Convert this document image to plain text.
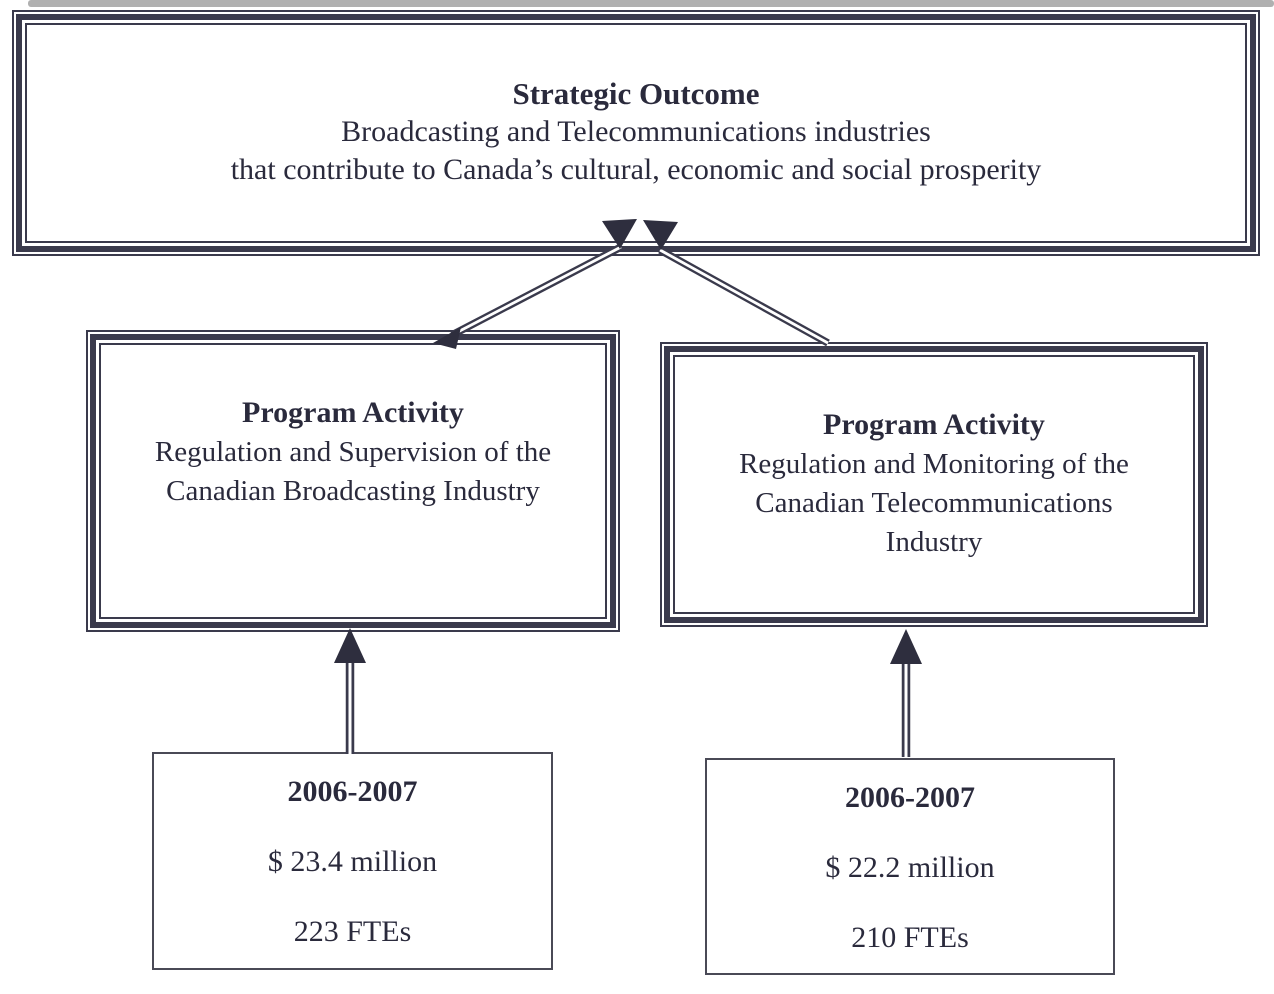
Strategic Outcome
Broadcasting and Telecommunications industries
that contribute to Canada’s cultural, economic and social prosperity
Program Activity
Regulation and Supervision of the
Canadian Broadcasting Industry
Program Activity
Regulation and Monitoring of the
Canadian Telecommunications
Industry
2006-2007
$ 23.4 million
223 FTEs
2006-2007
$ 22.2 million
210 FTEs
